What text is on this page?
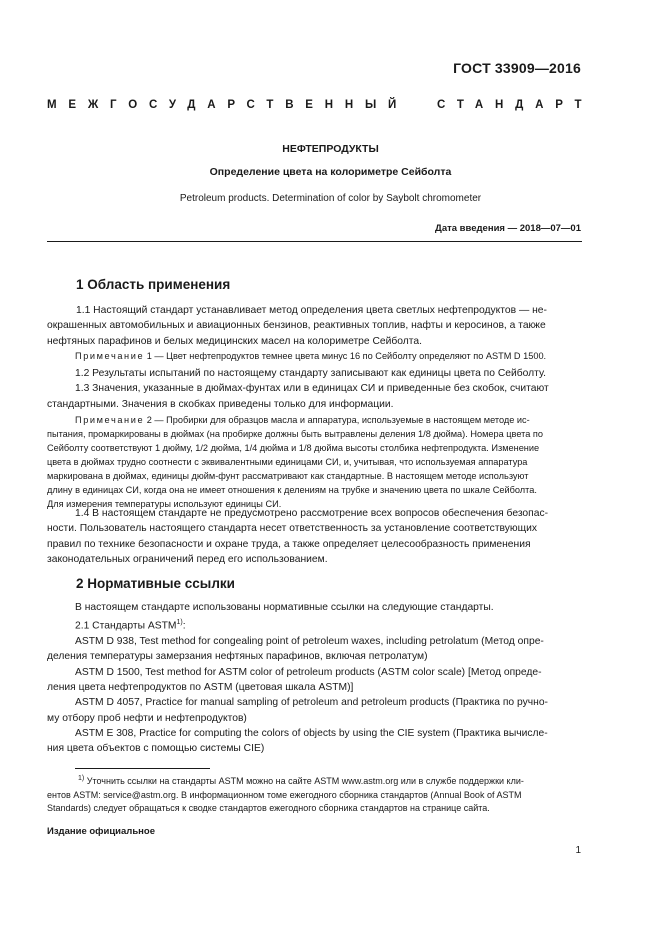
ГОСТ 33909—2016
МЕЖГОСУДАРСТВЕННЫЙ	СТАНДАРТ
НЕФТЕПРОДУКТЫ
Определение цвета на колориметре Сейболта
Petroleum products. Determination of color by Saybolt chromometer
Дата введения — 2018—07—01
1 Область применения
1.1 Настоящий стандарт устанавливает метод определения цвета светлых нефтепродуктов — не-
окрашенных автомобильных и авиационных бензинов, реактивных топлив, нафты и керосинов, а также
нефтяных парафинов и белых медицинских масел на колориметре Сейболта.
Примечание 1 — Цвет нефтепродуктов темнее цвета минус 16 по Сейболту определяют по ASTM D 1500.
1.2 Результаты испытаний по настоящему стандарту записывают как единицы цвета по Сейболту.
1.3 Значения, указанные в дюймах-фунтах или в единицах СИ и приведенные без скобок, считают
стандартными. Значения в скобках приведены только для информации.
Примечание 2 — Пробирки для образцов масла и аппаратура, используемые в настоящем методе ис-
пытания, промаркированы в дюймах (на пробирке должны быть вытравлены деления 1/8 дюйма). Номера цвета по
Сейболту соответствуют 1 дюйму, 1/2 дюйма, 1/4 дюйма и 1/8 дюйма высоты столбика нефтепродукта. Изменение
цвета в дюймах трудно соотнести с эквивалентными единицами СИ, и, учитывая, что используемая аппаратура
маркирована в дюймах, единицы дюйм-фунт рассматривают как стандартные. В настоящем методе используют
длину в единицах СИ, когда она не имеет отношения к делениям на трубке и значению цвета по шкале Сейболта.
Для измерения температуры используют единицы СИ.
1.4 В настоящем стандарте не предусмотрено рассмотрение всех вопросов обеспечения безопас-
ности. Пользователь настоящего стандарта несет ответственность за установление соответствующих
правил по технике безопасности и охране труда, а также определяет целесообразность применения
законодательных ограничений перед его использованием.
2 Нормативные ссылки
В настоящем стандарте использованы нормативные ссылки на следующие стандарты.
2.1 Стандарты ASTM$^{1)}$:
ASTM D 938, Test method for congealing point of petroleum waxes, including petrolatum (Метод опре-
деления температуры замерзания нефтяных парафинов, включая петролатум)
ASTM D 1500, Test method for ASTM color of petroleum products (ASTM color scale) [Метод опреде-
ления цвета нефтепродуктов по ASTM (цветовая шкала ASTM)]
ASTM D 4057, Practice for manual sampling of petroleum and petroleum products (Практика по ручно-
му отбору проб нефти и нефтепродуктов)
ASTM E 308, Practice for computing the colors of objects by using the CIE system (Практика вычисле-
ния цвета объектов с помощью системы CIE)
$^{1)}$ Уточнить ссылки на стандарты ASTM можно на сайте ASTM www.astm.org или в службе поддержки кли-
ентов ASTM: service@astm.org. В информационном томе ежегодного сборника стандартов (Annual Book of ASTM
Standards) следует обращаться к сводке стандартов ежегодного сборника стандартов на странице сайта.
Издание официальное
1
